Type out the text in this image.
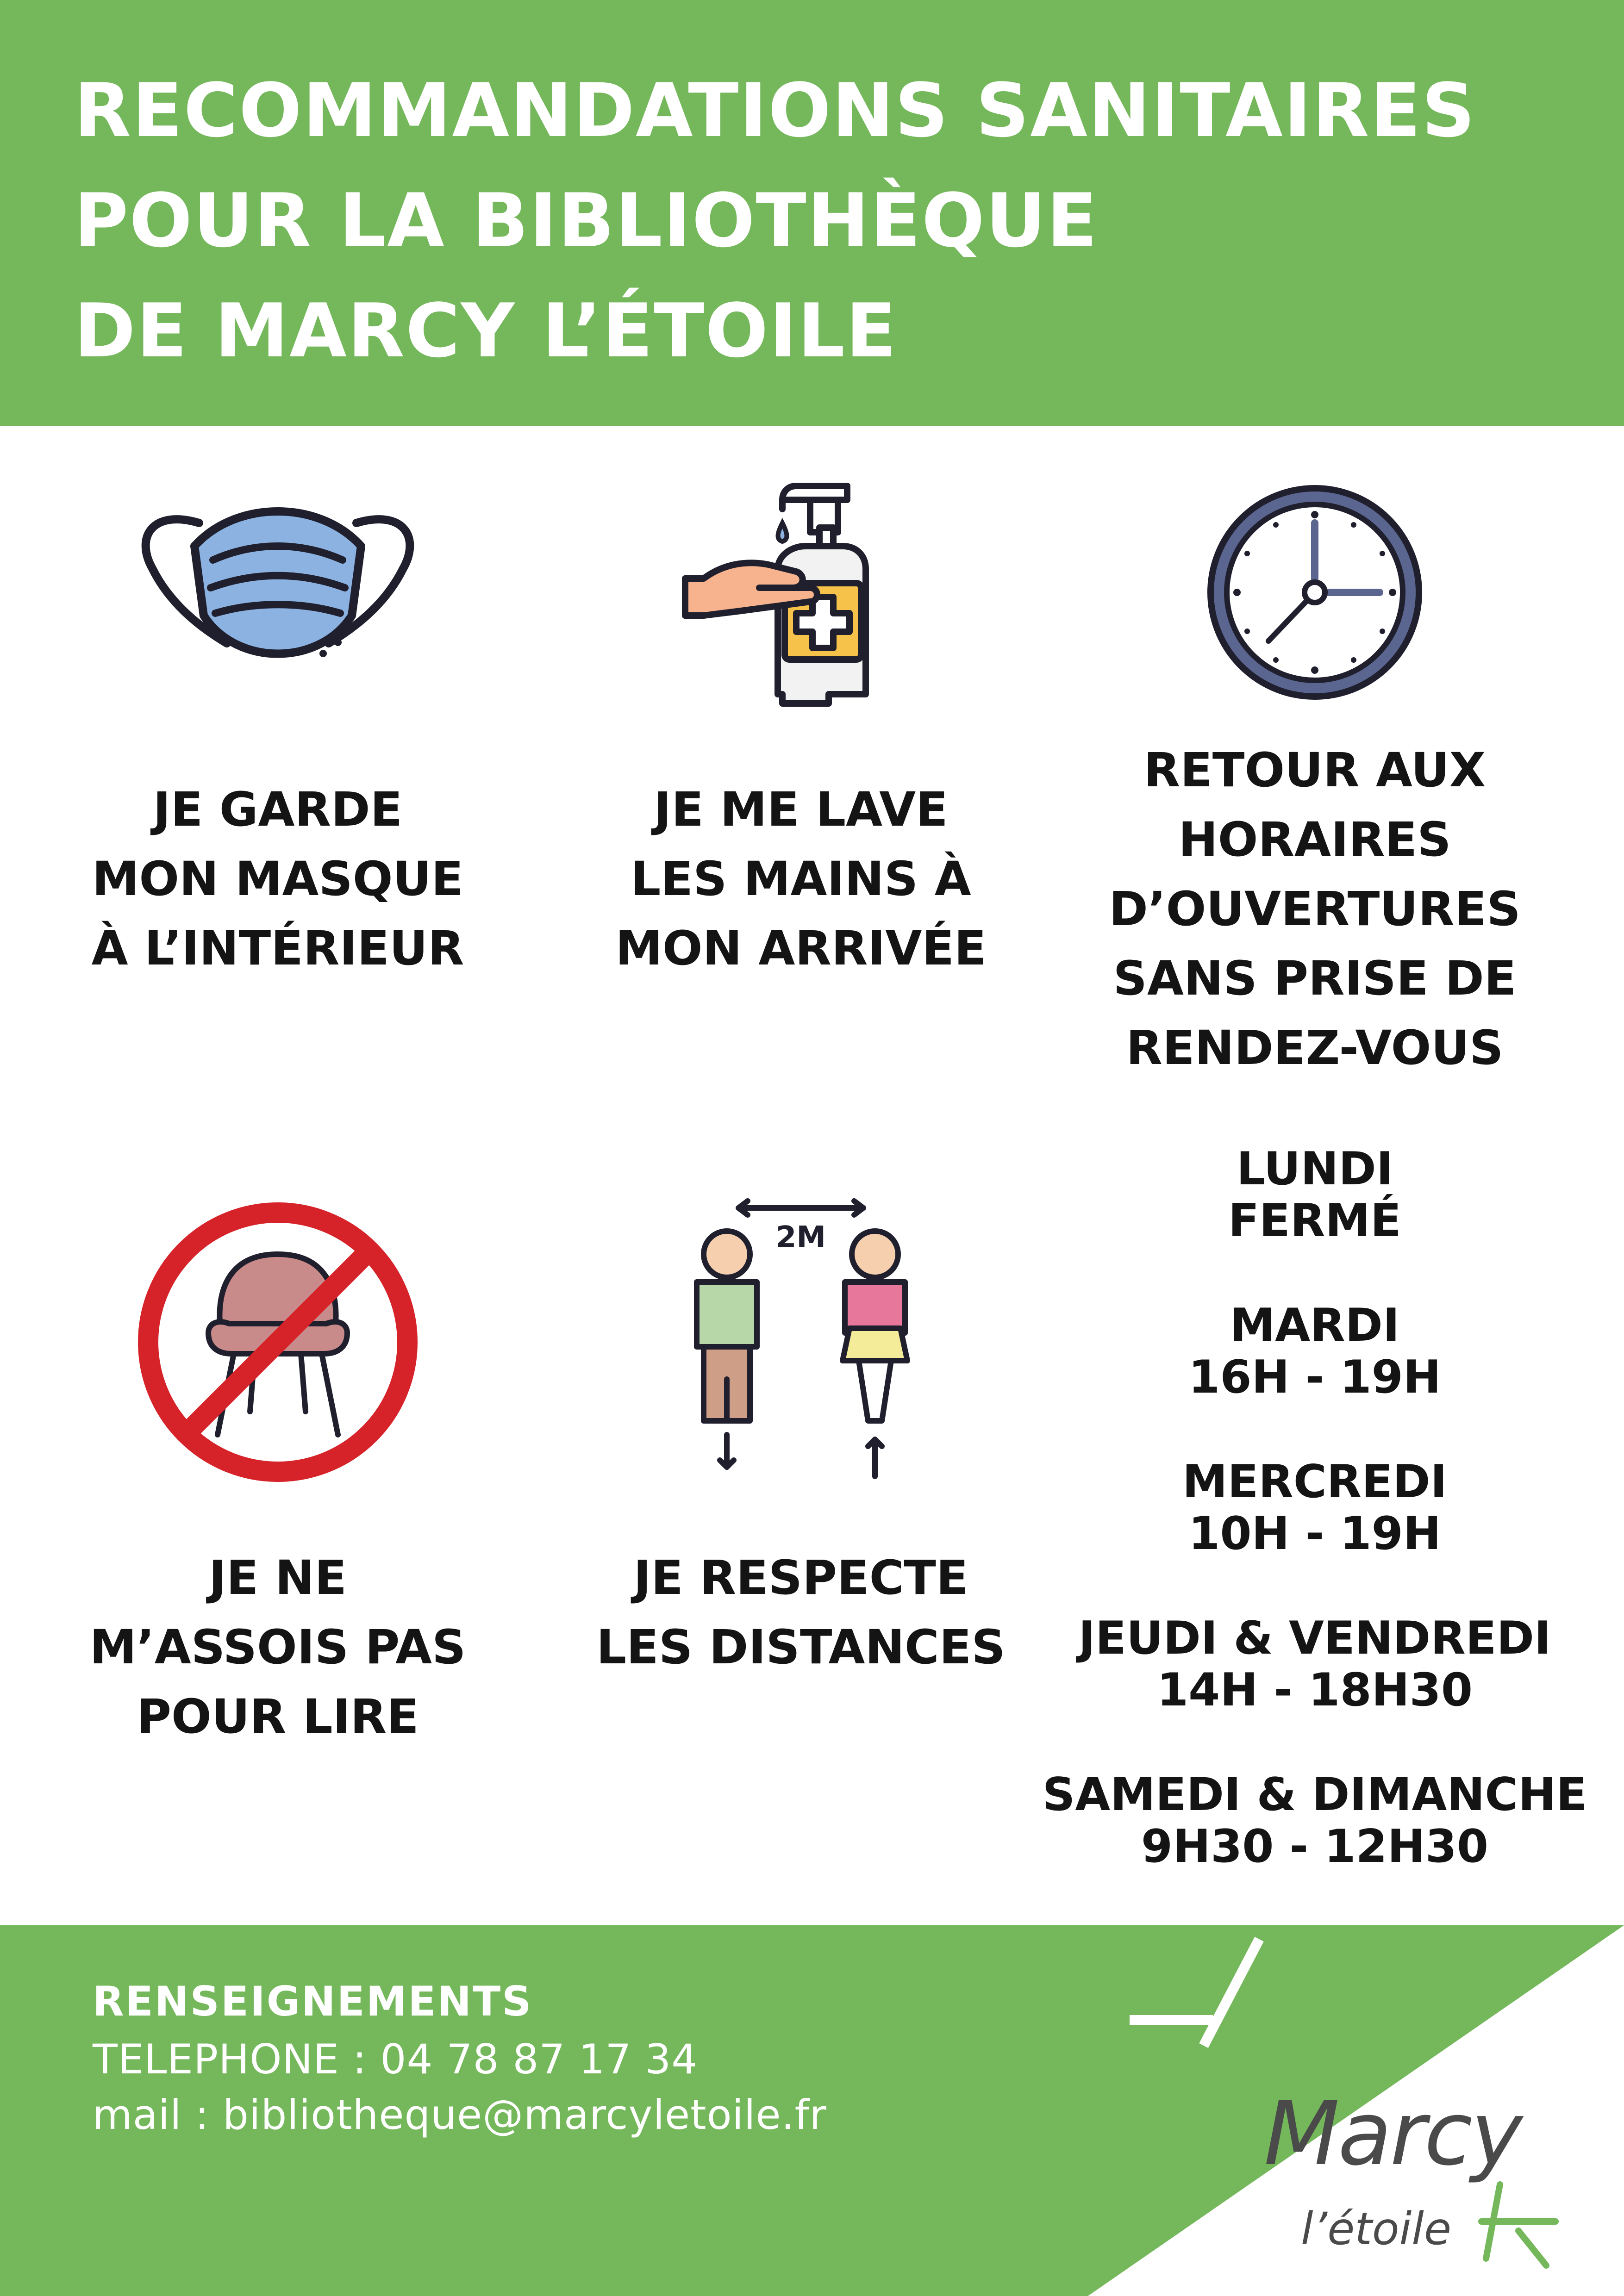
RECOMMANDATIONS SANITAIRES
POUR LA BIBLIOTHÈQUE
DE MARCY L’ÉTOILE
2M
JE GARDE
MON MASQUE
À L’INTÉRIEUR
JE ME LAVE
LES MAINS À
MON ARRIVÉE
RETOUR AUX
HORAIRES
D’OUVERTURES
SANS PRISE DE
RENDEZ-VOUS
JE NE
M’ASSOIS PAS
POUR LIRE
JE RESPECTE
LES DISTANCES
LUNDI
FERMÉ
MARDI
16H - 19H
MERCREDI
10H - 19H
JEUDI & VENDREDI
14H - 18H30
SAMEDI & DIMANCHE
9H30 - 12H30
RENSEIGNEMENTS
TELEPHONE : 04 78 87 17 34
mail : bibliotheque@marcyletoile.fr	Marcy
l’étoile
